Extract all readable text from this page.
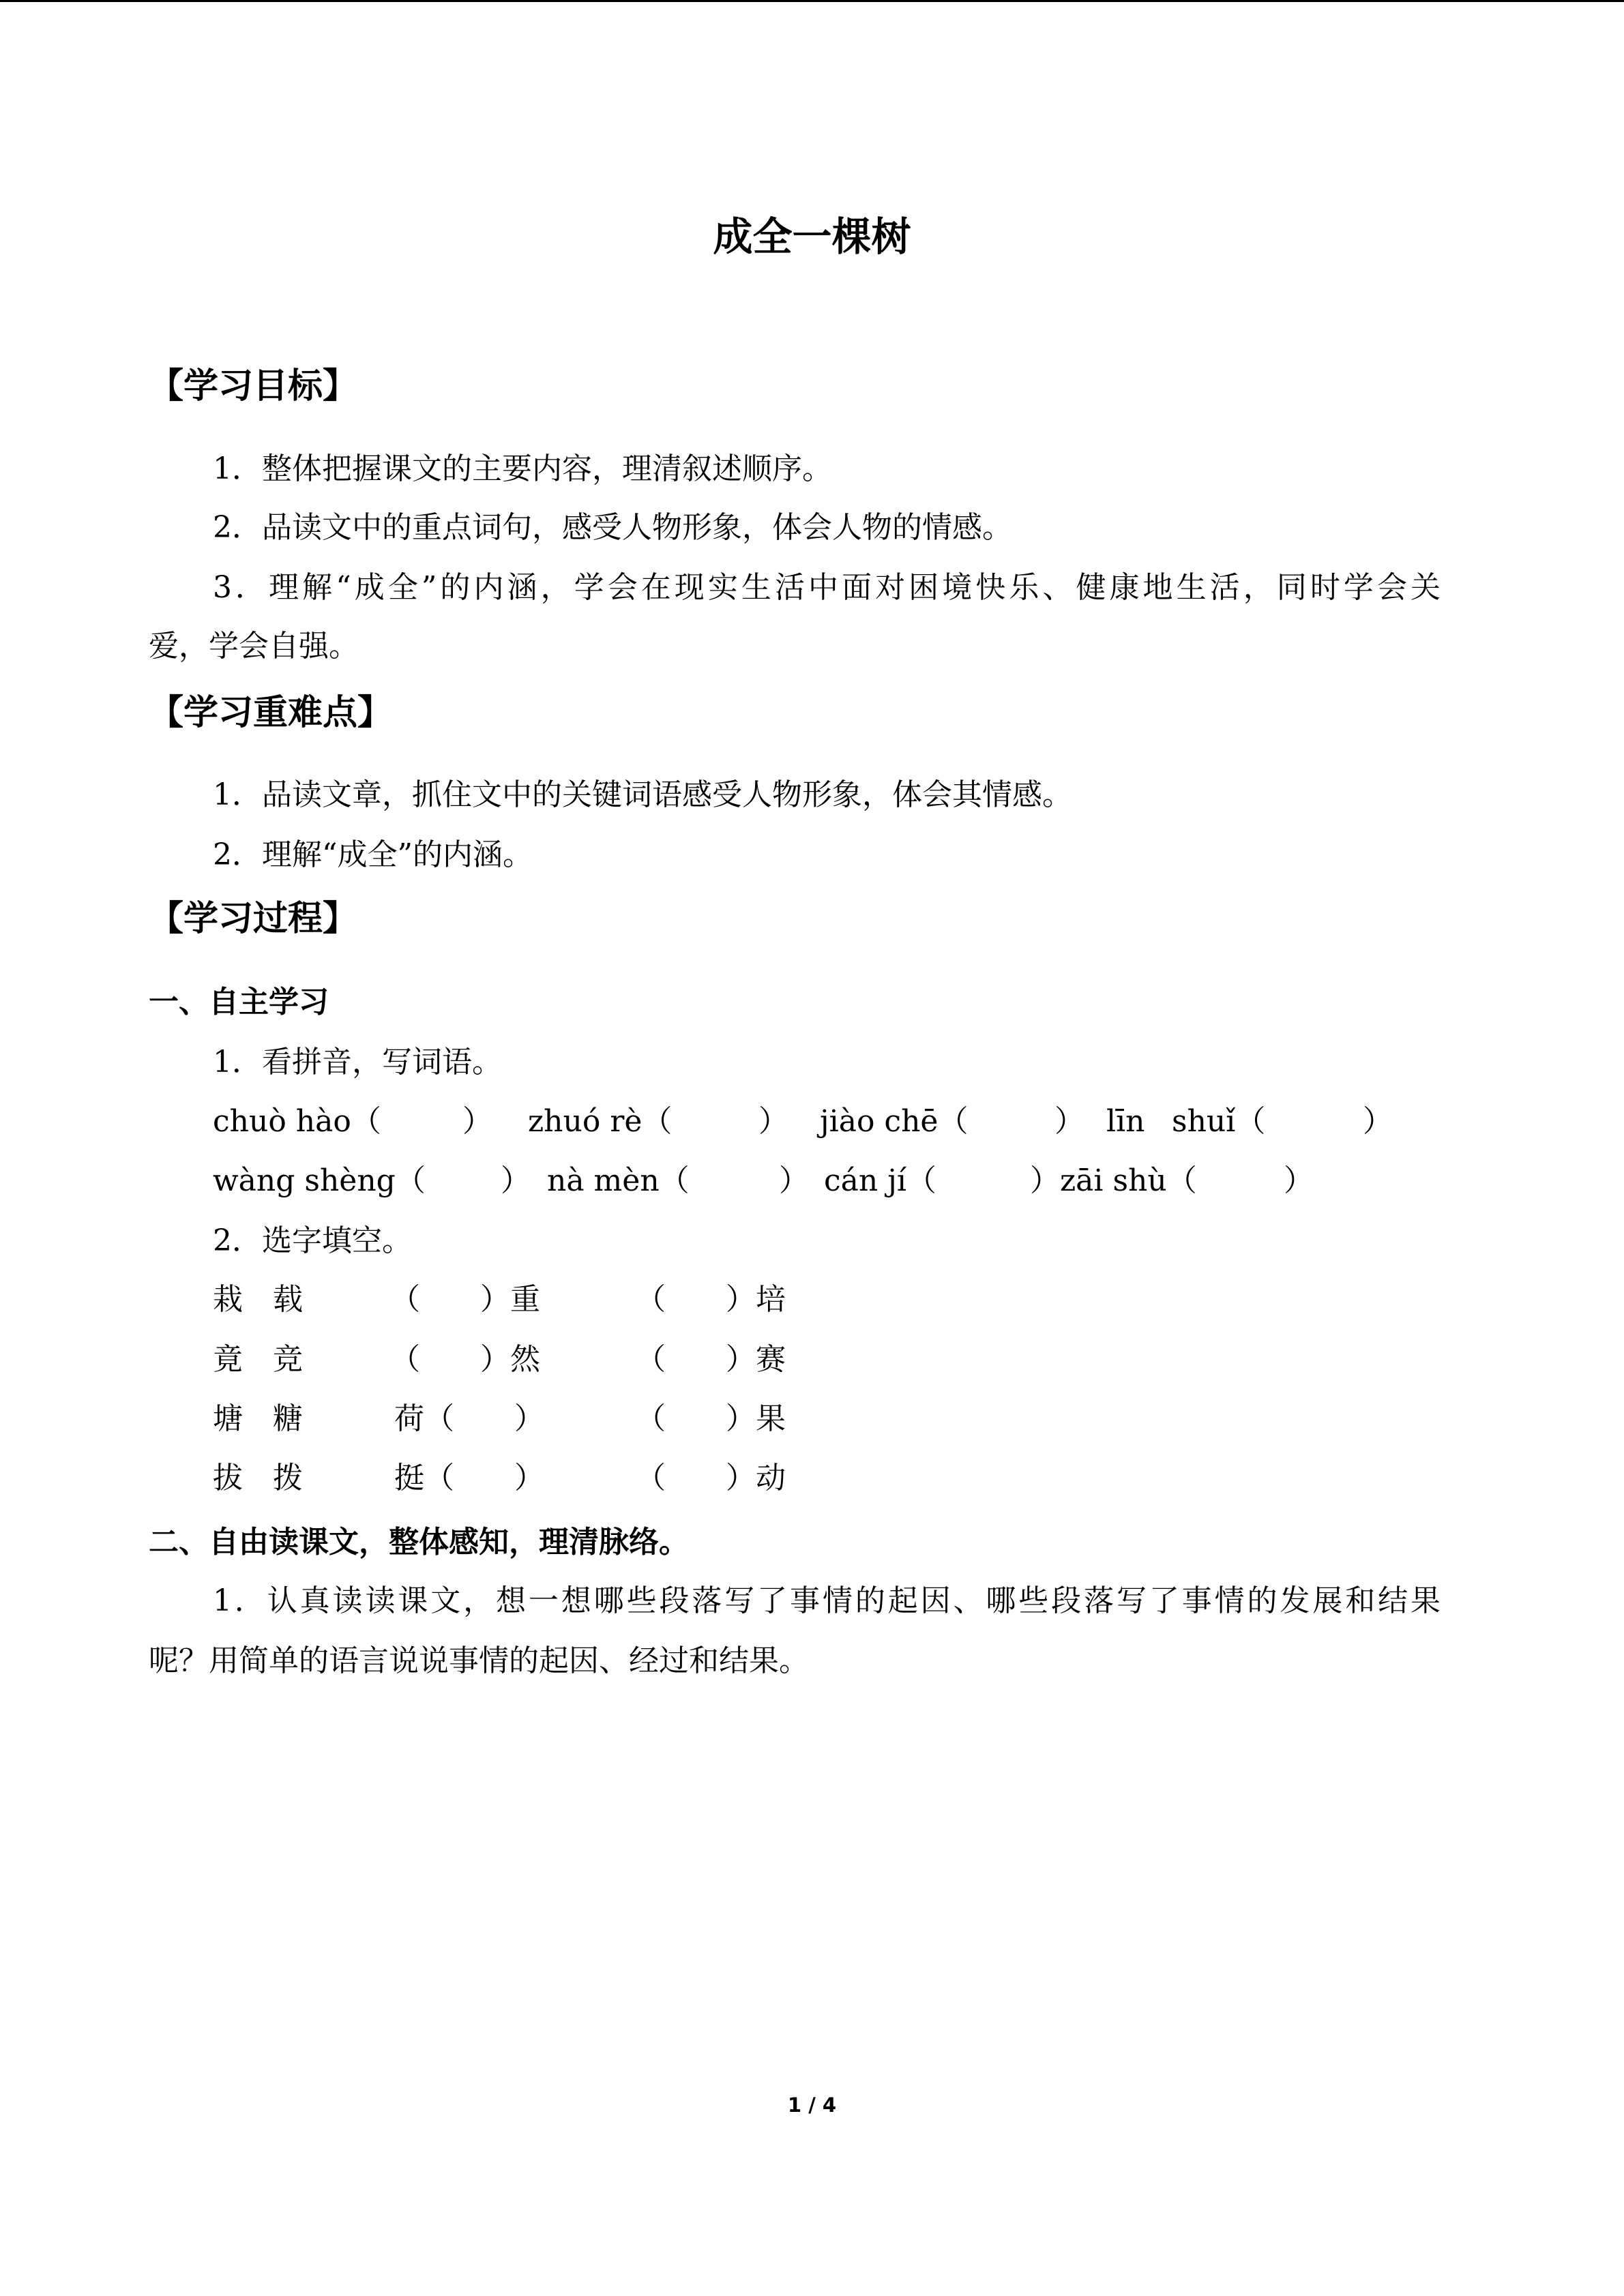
成全一棵树
【学习目标】
1．整体把握课文的主要内容，理清叙述顺序。
2．品读文中的重点词句，感受人物形象，体会人物的情感。
3．理解“成全”的内涵，学会在现实生活中面对困境快乐、健康地生活，同时学会关
爱，学会自强。
【学习重难点】
1．品读文章，抓住文中的关键词语感受人物形象，体会其情感。
2．理解“成全”的内涵。
【学习过程】
一、自主学习
1．看拼音，写词语。
chuò hào（	） zhuó rè（	） jiào chē（	） līn shuǐ（	）
wàng shèng（	） nà mèn（	） cán jí（	）zāi shù（	）
2．选字填空。
栽　载	（　　）重	（　　）培
竟　竞	（　　）然	（　　）赛
塘　糖	荷（　　）	（　　）果
拔　拨	挺（　　）	（　　）动
二、自由读课文，整体感知，理清脉络。
1．认真读读课文，想一想哪些段落写了事情的起因、哪些段落写了事情的发展和结果
呢？用简单的语言说说事情的起因、经过和结果。
1 / 4
